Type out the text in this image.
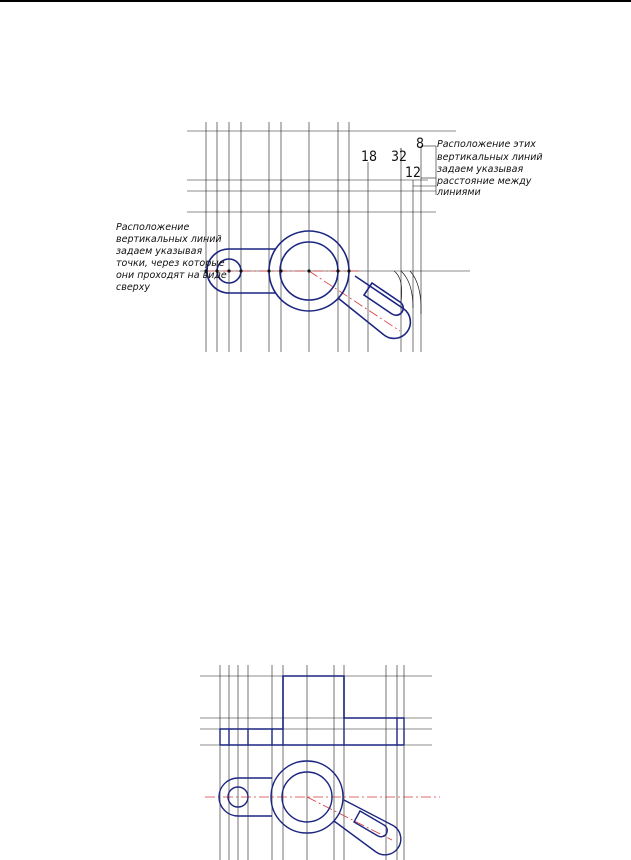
18 32
8
12
Расположение этих
вертикальных линий
задаем указывая
расстояние между
линиями
Расположение
вертикальных линий
задаем указывая
точки, через которые
они проходят на виде
сверху
